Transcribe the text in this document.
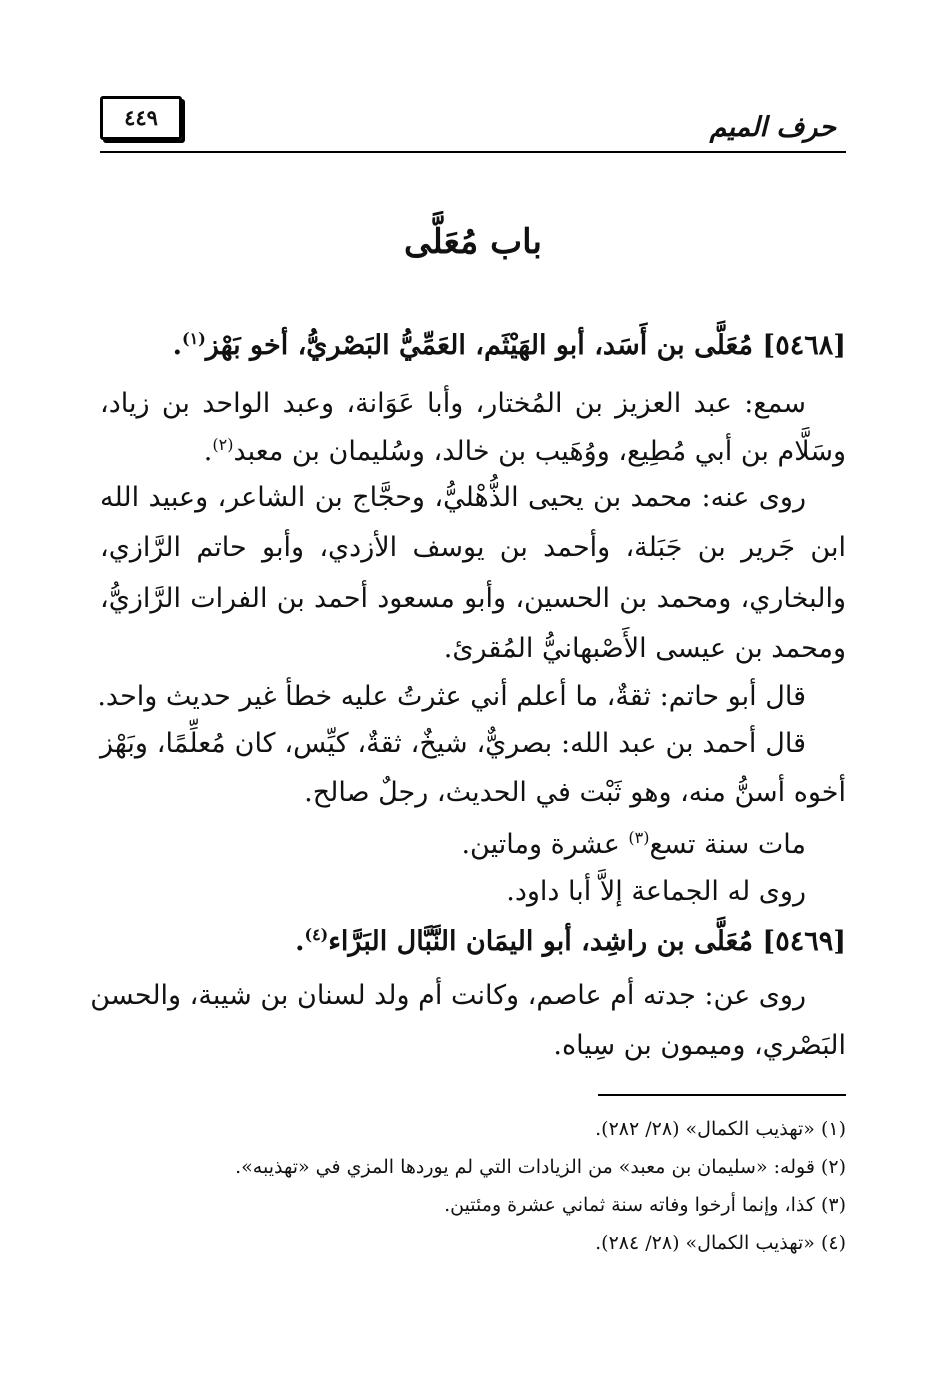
حرف الميم
٤٤٩
باب مُعَلَّى
[٥٤٦٨] مُعَلَّى بن أَسَد، أبو الهَيْثَم، العَمِّيُّ البَصْريُّ، أخو بَهْز$^{(١)}$.
سمع: عبد العزيز بن المُختار، وأبا عَوَانة، وعبد الواحد بن زياد،
وسَلَّام بن أبي مُطِيع، ووُهَيب بن خالد، وسُليمان بن معبد$^{(٢)}$.
روى عنه: محمد بن يحيى الذُّهْليُّ، وحجَّاج بن الشاعر، وعبيد الله
ابن جَرير بن جَبَلة، وأحمد بن يوسف الأزدي، وأبو حاتم الرَّازي،
والبخاري، ومحمد بن الحسين، وأبو مسعود أحمد بن الفرات الرَّازيُّ،
ومحمد بن عيسى الأَصْبهانيُّ المُقرئ.
قال أبو حاتم: ثقةٌ، ما أعلم أني عثرتُ عليه خطأ غير حديث واحد.
قال أحمد بن عبد الله: بصريٌّ، شيخٌ، ثقةٌ، كيِّس، كان مُعلِّمًا، وبَهْز
أخوه أسنُّ منه، وهو ثَبْت في الحديث، رجلٌ صالح.
مات سنة تسع$^{(٣)}$ عشرة وماتين.
روى له الجماعة إلاَّ أبا داود.
[٥٤٦٩] مُعَلَّى بن راشِد، أبو اليمَان النَّبَّال البَرَّاء$^{(٤)}$.
روى عن: جدته أم عاصم، وكانت أم ولد لسنان بن شيبة، والحسن
البَصْري، وميمون بن سِياه.
(١) «تهذيب الكمال» (٢٨/ ٢٨٢).
(٢) قوله: «سليمان بن معبد» من الزيادات التي لم يوردها المزي في «تهذيبه».
(٣) كذا، وإنما أرخوا وفاته سنة ثماني عشرة ومئتين.
(٤) «تهذيب الكمال» (٢٨/ ٢٨٤).
